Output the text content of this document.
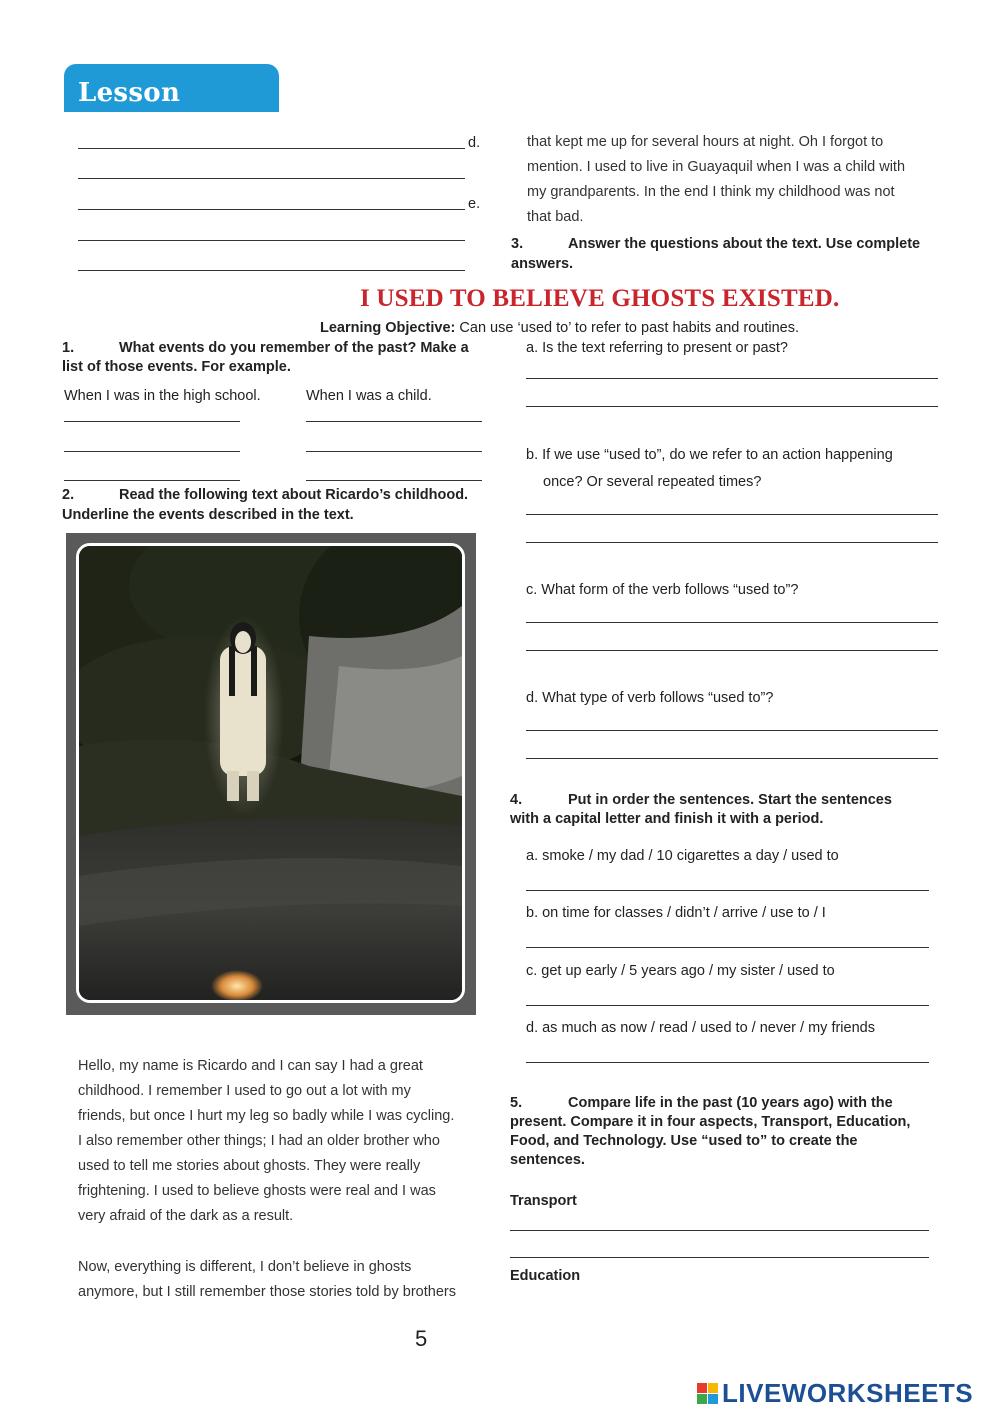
Lesson
d.
e.
that kept me up for several hours at night. Oh I forgot to
mention. I used to live in Guayaquil when I was a child with
my grandparents. In the end I think my childhood was not
that bad.
3.	Answer the questions about the text. Use complete
answers.
I USED TO BELIEVE GHOSTS EXISTED.
Learning Objective: Can use ‘used to’ to refer to past habits and routines.
1.	What events do you remember of the past? Make a
list of those events. For example.
When I was in the high school.	When I was a child.
2.	Read the following text about Ricardo’s childhood.
Underline the events described in the text.
Hello, my name is Ricardo and I can say I had a great
childhood. I remember I used to go out a lot with my
friends, but once I hurt my leg so badly while I was cycling.
I also remember other things; I had an older brother who
used to tell me stories about ghosts. They were really
frightening. I used to believe ghosts were real and I was
very afraid of the dark as a result.
Now, everything is different, I don’t believe in ghosts
anymore, but I still remember those stories told by brothers
a. Is the text referring to present or past?
b. If we use “used to”, do we refer to an action happening
once? Or several repeated times?
c. What form of the verb follows “used to”?
d. What type of verb follows “used to”?
4.	Put in order the sentences. Start the sentences
with a capital letter and finish it with a period.
a. smoke / my dad / 10 cigarettes a day / used to
b. on time for classes / didn’t / arrive / use to / I
c. get up early / 5 years ago / my sister / used to
d. as much as now / read / used to / never / my friends
5.	Compare life in the past (10 years ago) with the
present. Compare it in four aspects, Transport, Education,
Food, and Technology. Use “used to” to create the
sentences.
Transport
Education
5
LIVEWORKSHEETS
